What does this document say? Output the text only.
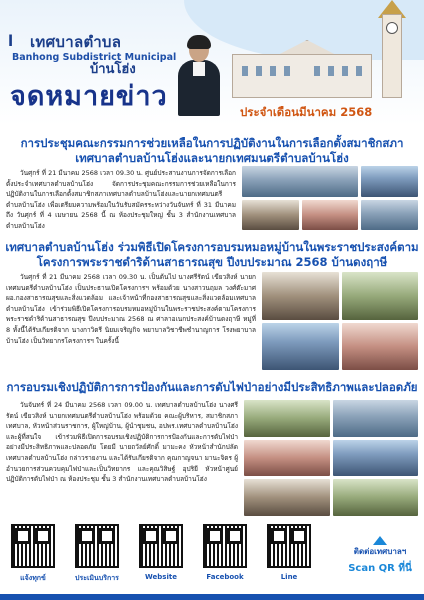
l เทศบาลตำบล
Banhong Subdistrict Municipal
บ้านโฮ่ง
จดหมายข่าว	ประจำเดือนมีนาคม 2568
การประชุมคณะกรรมการช่วยเหลือในการปฏิบัติงานในการเลือกตั้งสมาชิกสภาเทศบาลตำบลบ้านโฮ่งและนายกเทศมนตรีตำบลบ้านโฮ่ง
วันศุกร์ ที่ 21 มีนาคม 2568 เวลา 09.30 น. ศูนย์ประสานงานการจัดการเลือกตั้งประจำเทศบาลตำบลบ้านโฮ่ง จัดการประชุมคณะกรรมการช่วยเหลือในการปฏิบัติงานในการเลือกตั้งสมาชิกสภาเทศบาลตำบลบ้านโฮ่งและนายกเทศมนตรีตำบลบ้านโฮ่ง เพื่อเตรียมความพร้อมในวันรับสมัครระหว่างวันจันทร์ ที่ 31 มีนาคม ถึง วันศุกร์ ที่ 4 เมษายน 2568 นี้ ณ ห้องประชุมใหญ่ ชั้น 3 สำนักงานเทศบาลตำบลบ้านโฮ่ง
เทศบาลตำบลบ้านโฮ่ง ร่วมพิธีเปิดโครงการอบรมหมอหมู่บ้านในพระราชประสงค์ตามโครงการพระราชดำริด้านสาธารณสุข ปีงบประมาณ 2568 บ้านดงฤาษี
วันศุกร์ ที่ 21 มีนาคม 2568 เวลา 09.30 น. เป็นต้นไป นางศรีรัตน์ เขียวสิงห์ นายกเทศมนตรีตำบลบ้านโฮ่ง เป็นประธานเปิดโครงการฯ พร้อมด้วย นางสาวนฤมล วงศ์ต๊ะมาศ ผอ.กองสาธารณสุขและสิ่งแวดล้อม และเจ้าหน้าที่กองสาธารณสุขและสิ่งแวดล้อมเทศบาลตำบลบ้านโฮ่ง เข้าร่วมพิธีเปิดโครงการอบรมหมอหมู่บ้านในพระราชประสงค์ตามโครงการพระราชดำริด้านสาธารณสุข ปีงบประมาณ 2568 ณ ศาลาอเนกประสงค์บ้านดงฤาษี หมู่ที่ 8 ทั้งนี้ได้รับเกียรติจาก นางกาวิตรี นิยมเจริญกิจ พยาบาลวิชาชีพชำนาญการ โรงพยาบาลบ้านโฮ่ง เป็นวิทยากรโครงการฯ ในครั้งนี้
การอบรมเชิงปฏิบัติการการป้องกันและการดับไฟป่าอย่างมีประสิทธิภาพและปลอดภัย
วันจันทร์ ที่ 24 มีนาคม 2568 เวลา 09.00 น. เทศบาลตำบลบ้านโฮ่ง นางศรีรัตน์ เขียวสิงห์ นายกเทศมนตรีตำบลบ้านโฮ่ง พร้อมด้วย คณะผู้บริหาร, สมาชิกสภาเทศบาล, หัวหน้าส่วนราชการ, ผู้ใหญ่บ้าน, ผู้นำชุมชน, อปพร.เทศบาลตำบลบ้านโฮ่ง และผู้ที่สนใจ เข้าร่วมพิธีเปิดการอบรมเชิงปฏิบัติการการป้องกันและการดับไฟป่าอย่างมีประสิทธิภาพและปลอดภัย โดยมี นายถวัลย์ศักดิ์ มามะคง หัวหน้าสำนักปลัดเทศบาลตำบลบ้านโฮ่ง กล่าวรายงาน และได้รับเกียรติจาก คุณกาญจนา มานะจิตร ผู้อำนวยการส่วนควบคุมไฟป่าและเป็นวิทยากร และคุณวิสิษฐ์ อุปริยี หัวหน้าศูนย์ปฏิบัติการดับไฟป่า ณ ห้องประชุม ชั้น 3 สำนักงานเทศบาลตำบลบ้านโฮ่ง
แจ้งทุกข์	ประเมินบริการ	Website	Facebook	Line
ติดต่อเทศบาลฯ
Scan QR ที่นี่
